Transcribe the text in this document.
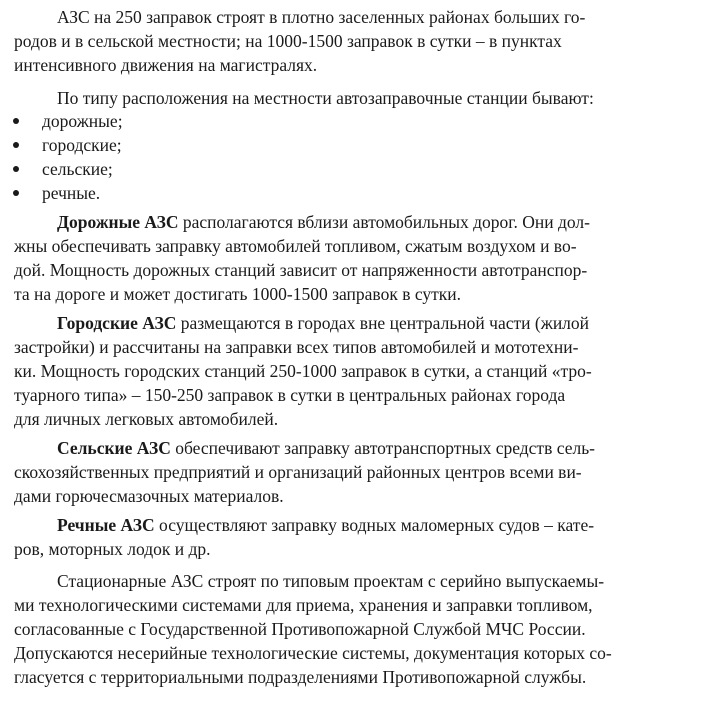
АЗС на 250 заправок строят в плотно заселенных районах больших го-
родов и в сельской местности; на 1000-1500 заправок в сутки – в пунктах
интенсивного движения на магистралях.
По типу расположения на местности автозаправочные станции бывают:
дорожные;
городские;
сельские;
речные.
Дорожные АЗС располагаются вблизи автомобильных дорог. Они дол-
жны обеспечивать заправку автомобилей топливом, сжатым воздухом и во-
дой. Мощность дорожных станций зависит от напряженности автотранспор-
та на дороге и может достигать 1000-1500 заправок в сутки.
Городские АЗС размещаются в городах вне центральной части (жилой
застройки) и рассчитаны на заправки всех типов автомобилей и мототехни-
ки. Мощность городских станций 250-1000 заправок в сутки, а станций «тро-
туарного типа» – 150-250 заправок в сутки в центральных районах города
для личных легковых автомобилей.
Сельские АЗС обеспечивают заправку автотранспортных средств сель-
скохозяйственных предприятий и организаций районных центров всеми ви-
дами горючесмазочных материалов.
Речные АЗС осуществляют заправку водных маломерных судов – кате-
ров, моторных лодок и др.
Стационарные АЗС строят по типовым проектам с серийно выпускаемы-
ми технологическими системами для приема, хранения и заправки топливом,
согласованные с Государственной Противопожарной Службой МЧС России.
Допускаются несерийные технологические системы, документация которых со-
гласуется с территориальными подразделениями Противопожарной службы.
